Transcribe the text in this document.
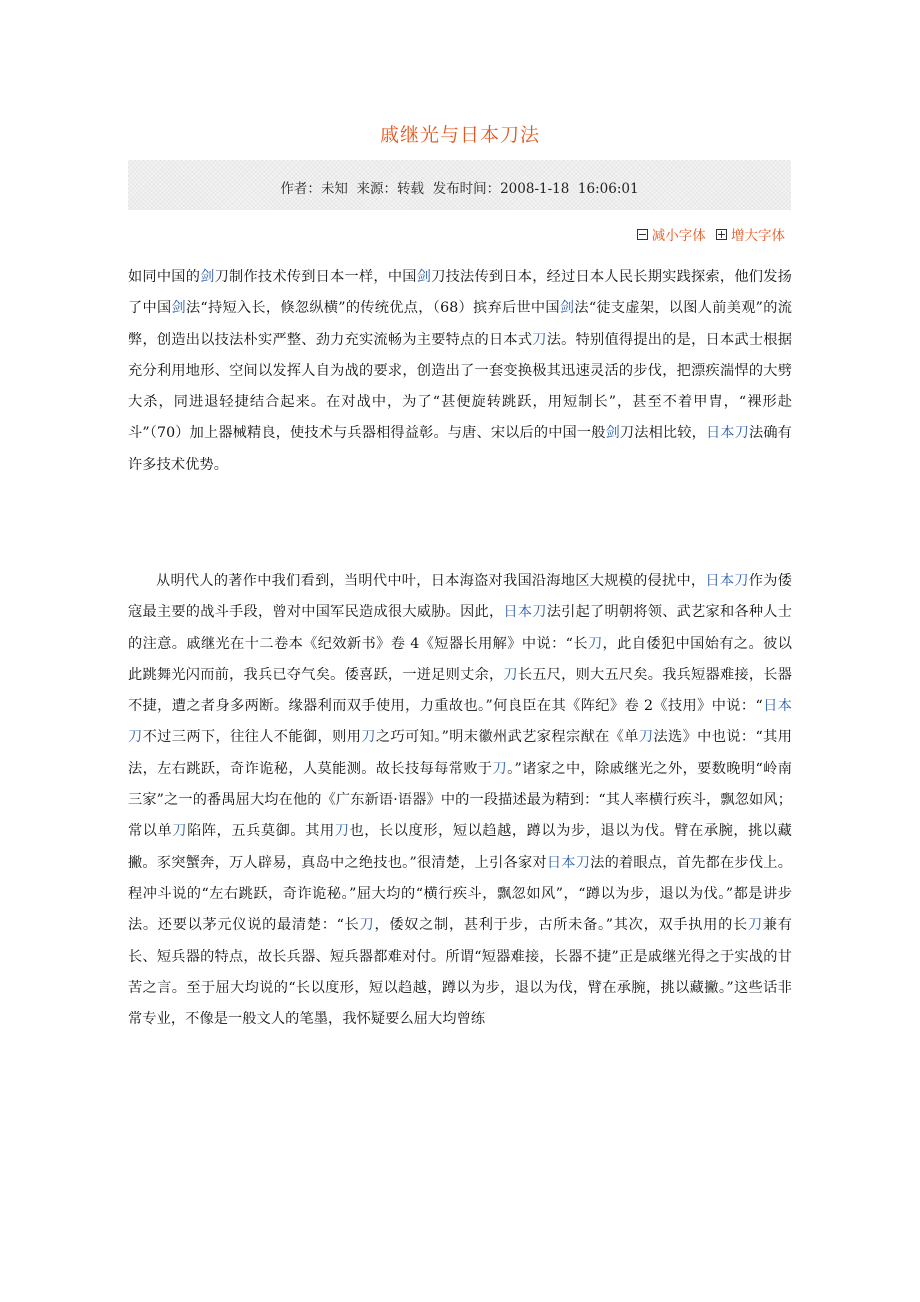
戚继光与日本刀法
作者：未知  来源：转载  发布时间：2008-1-18  16:06:01
减小字体
增大字体
如同中国的剑刀制作技术传到日本一样，中国剑刀技法传到日本，经过日本人民长期实践探索，他们发扬了中国剑法“持短入长，倏忽纵横”的传统优点，（68）摈弃后世中国剑法“徒支虚架，以图人前美观”的流弊，创造出以技法朴实严整、劲力充实流畅为主要特点的日本式刀法。特别值得提出的是，日本武士根据充分利用地形、空间以发挥人自为战的要求，创造出了一套变换极其迅速灵活的步伐，把漂疾湍悍的大劈大杀，同进退轻捷结合起来。在对战中，为了“甚便旋转跳跃，用短制长”，甚至不着甲胄，“裸形赴斗”（70）加上器械精良，使技术与兵器相得益彰。与唐、宋以后的中国一般剑刀法相比较，日本刀法确有许多技术优势。
从明代人的著作中我们看到，当明代中叶，日本海盗对我国沿海地区大规模的侵扰中，日本刀作为倭寇最主要的战斗手段，曾对中国军民造成很大威胁。因此，日本刀法引起了明朝将领、武艺家和各种人士的注意。戚继光在十二卷本《纪效新书》卷 4《短器长用解》中说：“长刀，此自倭犯中国始有之。彼以此跳舞光闪而前，我兵已夺气矣。倭喜跃，一迸足则丈余，刀长五尺，则大五尺矣。我兵短器难接，长器不捷，遭之者身多两断。缘器利而双手使用，力重故也。”何良臣在其《阵纪》卷 2《技用》中说：“日本刀不过三两下，往往人不能御，则用刀之巧可知。”明末徽州武艺家程宗猷在《单刀法选》中也说：“其用法，左右跳跃，奇诈诡秘，人莫能测。故长技每每常败于刀。”诸家之中，除戚继光之外，要数晚明“岭南三家”之一的番禺屈大均在他的《广东新语·语器》中的一段描述最为精到：“其人率横行疾斗，飘忽如风；常以单刀陷阵，五兵莫御。其用刀也，长以度形，短以趋越，蹲以为步，退以为伐。臂在承腕，挑以藏撇。豕突蟹奔，万人辟易，真岛中之绝技也。”很清楚，上引各家对日本刀法的着眼点，首先都在步伐上。程冲斗说的“左右跳跃，奇诈诡秘。”屈大均的“横行疾斗，飘忽如风”，“蹲以为步，退以为伐。”都是讲步法。还要以茅元仪说的最清楚：“长刀，倭奴之制，甚利于步，古所未备。”其次，双手执用的长刀兼有长、短兵器的特点，故长兵器、短兵器都难对付。所谓“短器难接，长器不捷”正是戚继光得之于实战的甘苦之言。至于屈大均说的“长以度形，短以趋越，蹲以为步，退以为伐，臂在承腕，挑以藏撇。”这些话非常专业，不像是一般文人的笔墨，我怀疑要么屈大均曾练
